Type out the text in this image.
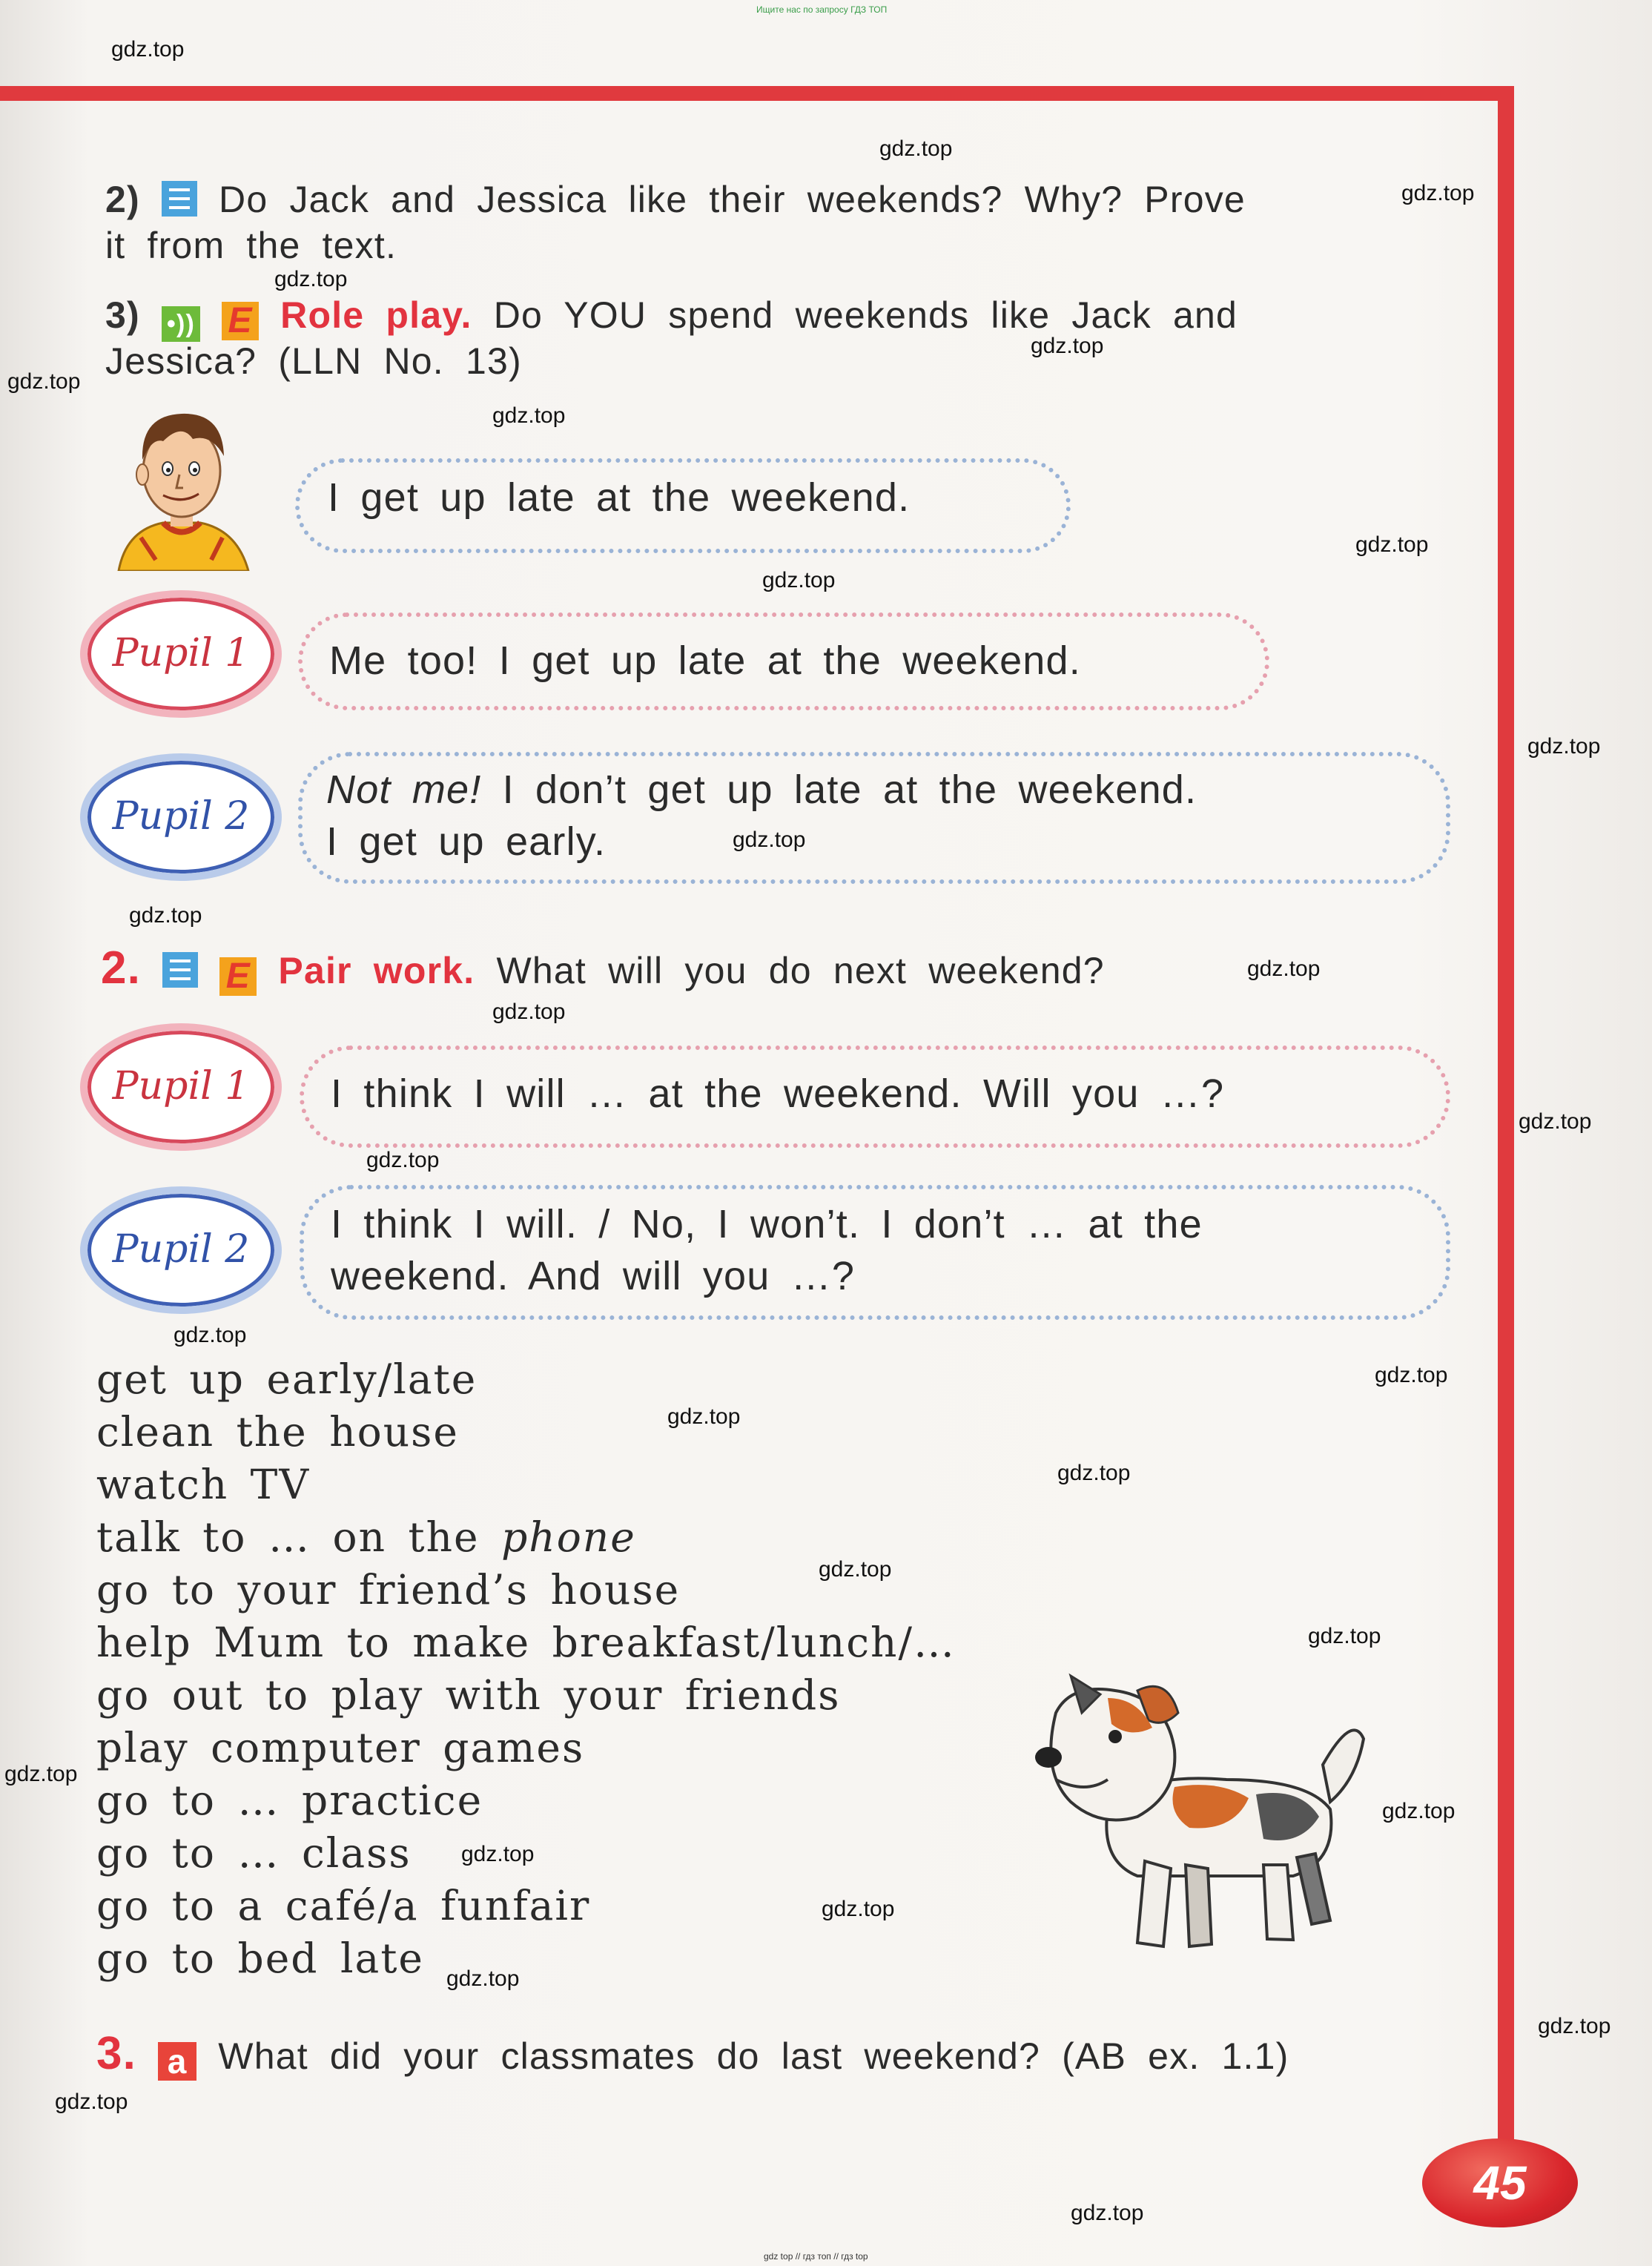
Ищите нас по запросу ГДЗ ТОП
2) Do Jack and Jessica like their weekends? Why? Prove
it from the text.
3) •)) E Role play. Do YOU spend weekends like Jack and
Jessica? (LLN No. 13)
I get up late at the weekend.
Pupil 1	Me too! I get up late at the weekend.
Pupil 2
Not me! I don’t get up late at the weekend.
I get up early.
2. E Pair work. What will you do next weekend?
Pupil 1	I think I will … at the weekend. Will you …?
Pupil 2
I think I will. / No, I won’t. I don’t … at the
weekend. And will you …?
get up early/late
clean the house
watch TV
talk to … on the phone
go to your friend’s house
help Mum to make breakfast/lunch/…
go out to play with your friends
play computer games
go to … practice
go to … class
go to a café/a funfair
go to bed late
3. a What did your classmates do last weekend? (AB ex. 1.1)
45
gdz top // гдз топ // гдз top
gdz.top
gdz.top
gdz.top
gdz.top
gdz.top
gdz.top
gdz.top
gdz.top
gdz.top
gdz.top
gdz.top
gdz.top
gdz.top
gdz.top
gdz.top
gdz.top
gdz.top
gdz.top
gdz.top
gdz.top
gdz.top
gdz.top
gdz.top
gdz.top
gdz.top
gdz.top
gdz.top
gdz.top
gdz.top
gdz.top
